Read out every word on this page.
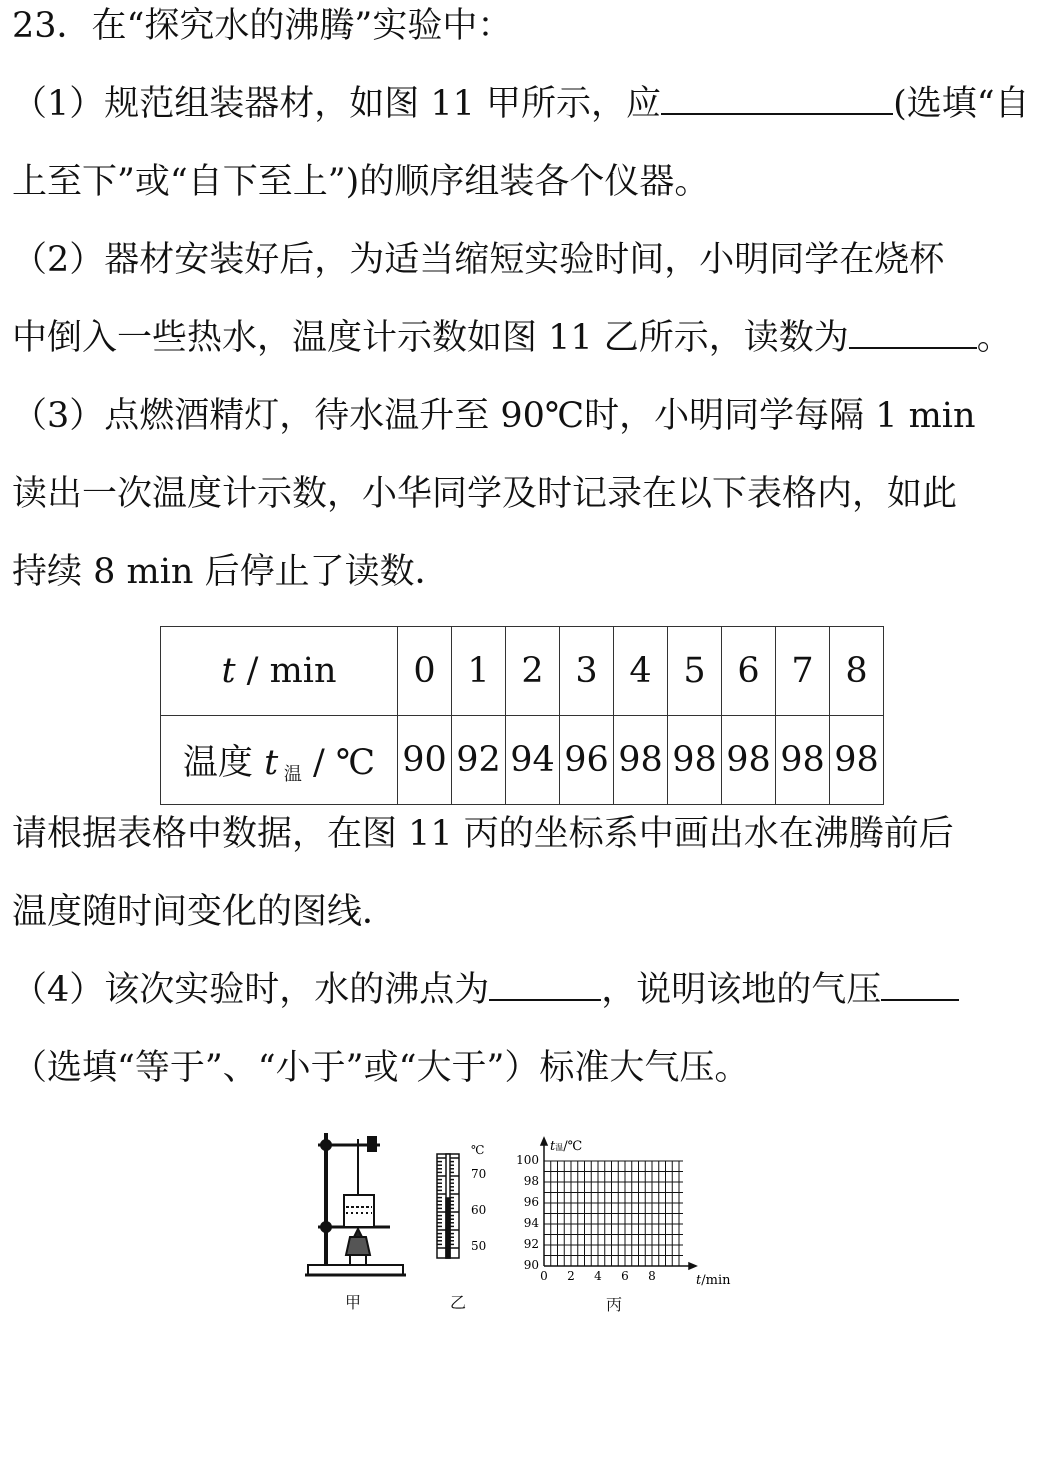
23．在“探究水的沸腾”实验中：
（1）规范组装器材，如图 11 甲所示，应	(选填“自
上至下”或“自下至上”)的顺序组装各个仪器。
（2）器材安装好后，为适当缩短实验时间，小明同学在烧杯
中倒入一些热水，温度计示数如图 11 乙所示，读数为	。
（3）点燃酒精灯，待水温升至 90℃时，小明同学每隔 1 min
读出一次温度计示数，小华同学及时记录在以下表格内，如此
持续 8 min 后停止了读数．
t / min	0	1	2	3	4	5	6	7	8
温度 t $_温$ / ℃	90	92	94	96	98	98	98	98	98
请根据表格中数据，在图 11 丙的坐标系中画出水在沸腾前后
温度随时间变化的图线．
（4）该次实验时，水的沸点为	，说明该地的气压
（选填“等于”、“小于”或“大于”）标准大气压。
甲
℃
70
60
50
乙
t温/℃
100
98
96
94
92
90
0 2 4 6 8	t/min
丙
